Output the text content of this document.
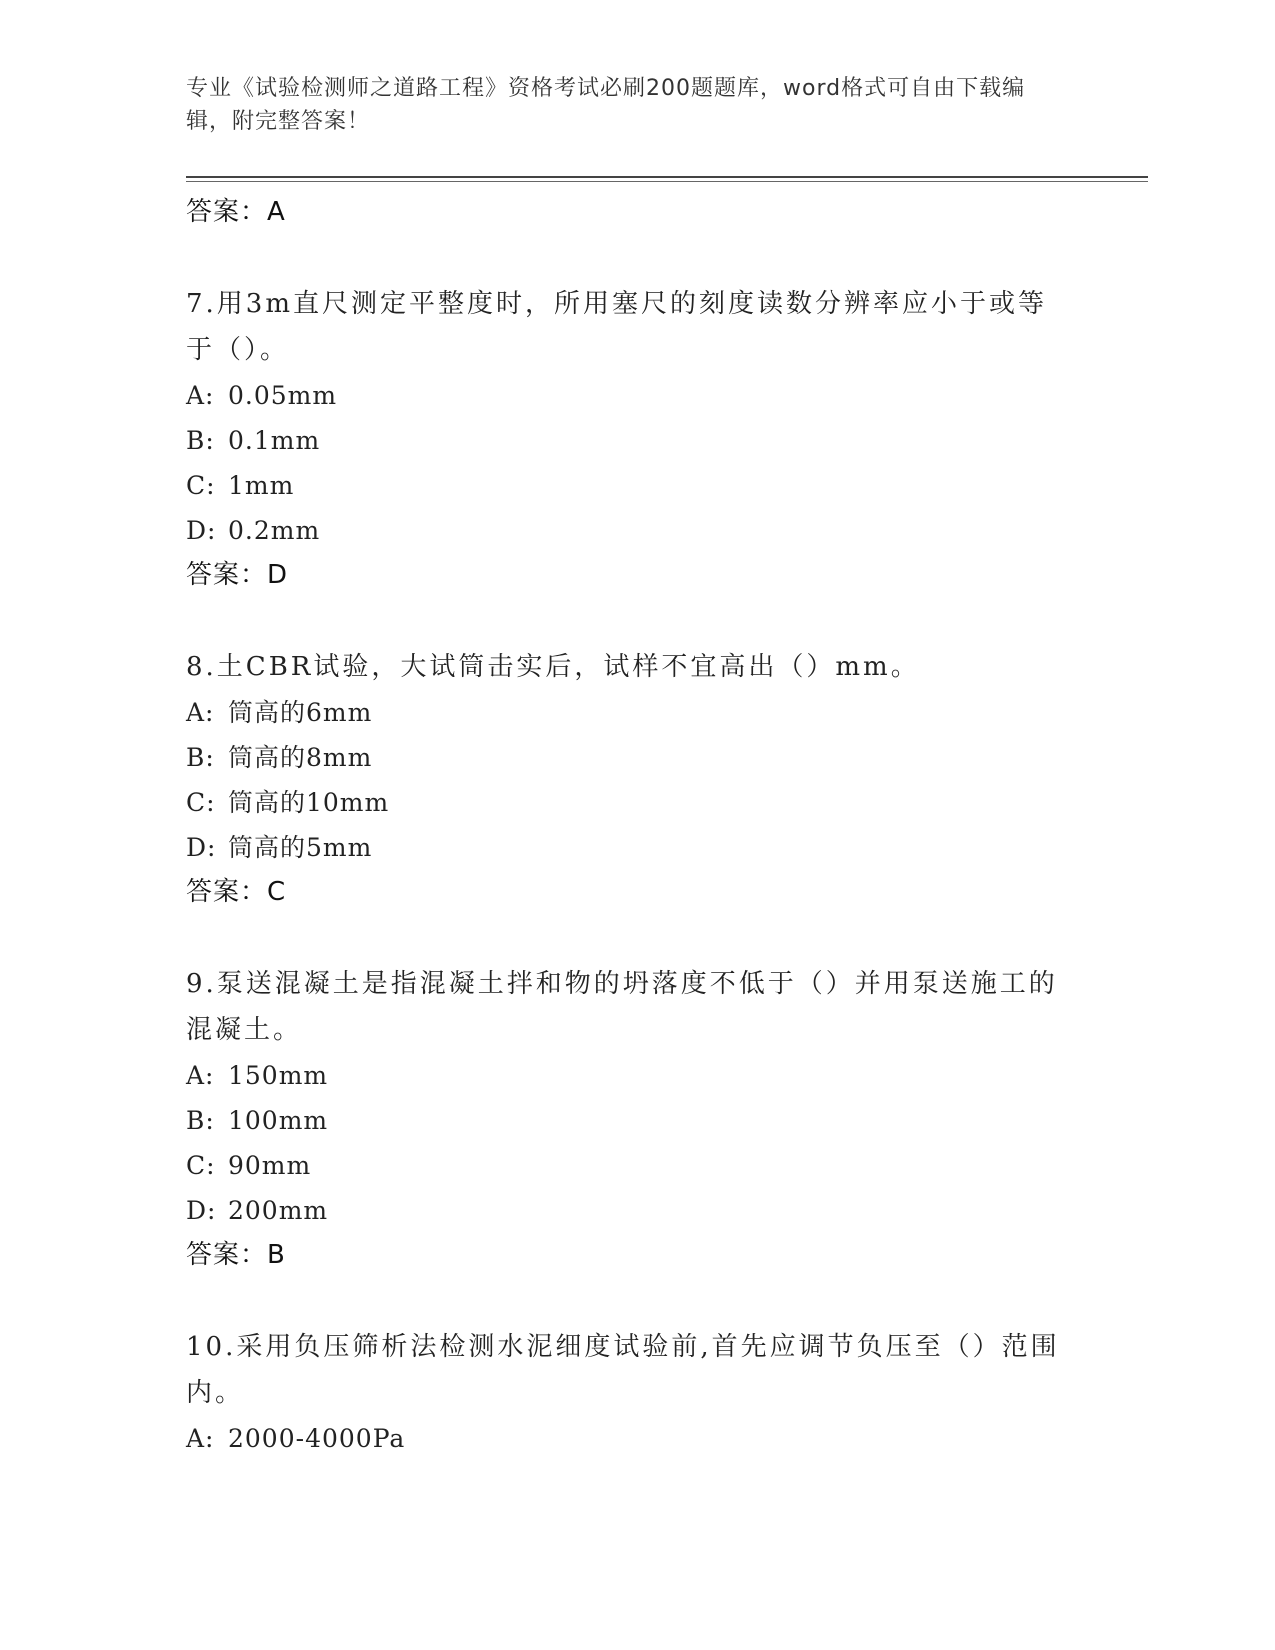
专业《试验检测师之道路工程》资格考试必刷200题题库，word格式可自由下载编辑，附完整答案！
答案：A
7.用3m直尺测定平整度时，所用塞尺的刻度读数分辨率应小于或等于（）。
A: 0.05mm
B: 0.1mm
C: 1mm
D: 0.2mm
答案：D
8.土CBR试验，大试筒击实后，试样不宜高出（）mm。
A: 筒高的6mm
B: 筒高的8mm
C: 筒高的10mm
D: 筒高的5mm
答案：C
9.泵送混凝土是指混凝土拌和物的坍落度不低于（）并用泵送施工的混凝土。
A: 150mm
B: 100mm
C: 90mm
D: 200mm
答案：B
10.采用负压筛析法检测水泥细度试验前,首先应调节负压至（）范围内。
A: 2000-4000Pa
